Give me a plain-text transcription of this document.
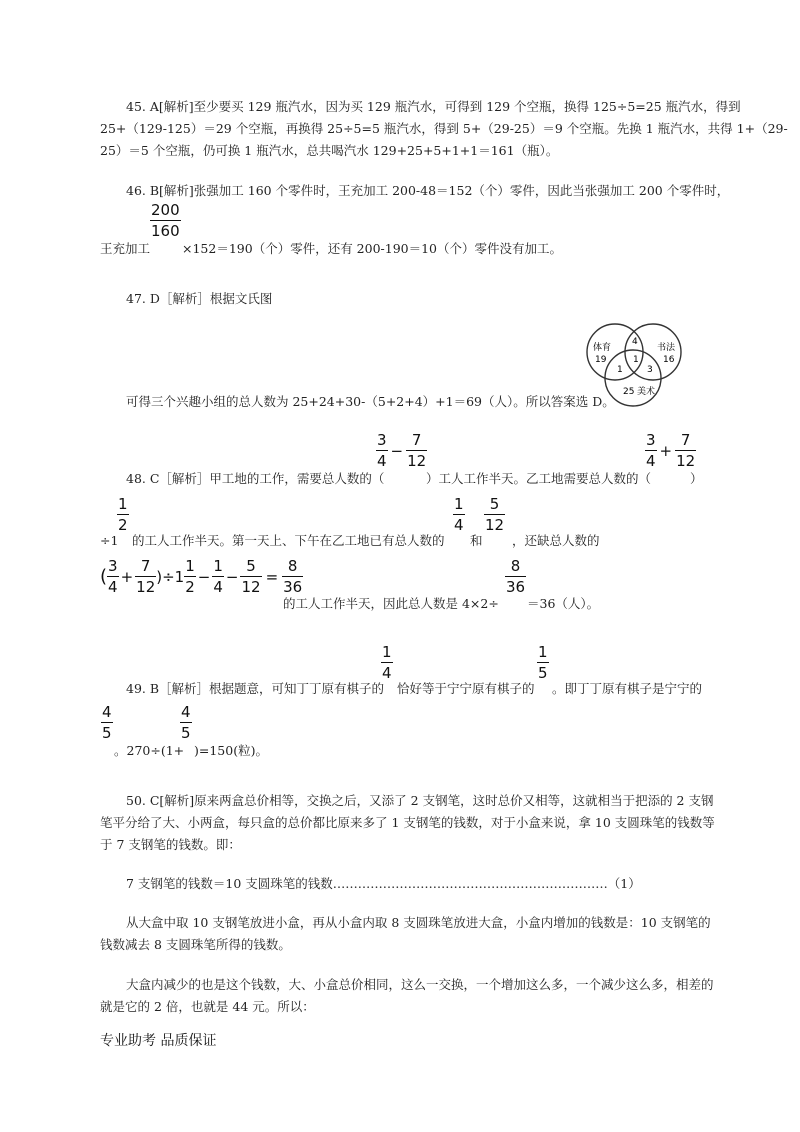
45. A[解析]至少要买 129 瓶汽水，因为买 129 瓶汽水，可得到 129 个空瓶，换得 125÷5=25 瓶汽水，得到
25+（129-125）＝29 个空瓶，再换得 25÷5=5 瓶汽水，得到 5+（29-25）＝9 个空瓶。先换 1 瓶汽水，共得 1+（29-
25）＝5 个空瓶，仍可换 1 瓶汽水，总共喝汽水 129+25+5+1+1＝161（瓶）。
46. B[解析]张强加工 160 个零件时，王充加工 200-48＝152（个）零件，因此当张强加工 200 个零件时，
200
160
王充加工	×152＝190（个）零件，还有 200-190＝10（个）零件没有加工。
47. D［解析］根据文氏图
体育
19
书法
16
4
1
1	3
25 美术
可得三个兴趣小组的总人数为 25+24+30-（5+2+4）+1＝69（人）。所以答案选 D。
$\frac{3}{4} - \frac{7}{12}$	$\frac{3}{4} + \frac{7}{12}$
48. C［解析］甲工地的工作，需要总人数的（	）工人工作半天。乙工地需要总人数的（	）
1
2
1
4
5
12
÷1 的工人工作半天。第一天上、下午在乙工地已有总人数的 和 ，还缺总人数的
( $\frac{3}{4} + \frac{7}{12} )\div 1 \frac{1}{2} - \frac{1}{4} - \frac{5}{12} = \frac{8}{36}$	8
36
的工人工作半天，因此总人数是 4×2÷ ＝36（人）。
1
4
1
5
49. B［解析］根据题意，可知丁丁原有棋子的 恰好等于宁宁原有棋子的 。即丁丁原有棋子是宁宁的
4
5
4
5
。270÷(1+ )=150(粒)。
50. C[解析]原来两盒总价相等，交换之后，又添了 2 支钢笔，这时总价又相等，这就相当于把添的 2 支钢
笔平分给了大、小两盒，每只盒的总价都比原来多了 1 支钢笔的钱数，对于小盒来说，拿 10 支圆珠笔的钱数等
于 7 支钢笔的钱数。即：
7 支钢笔的钱数＝10 支圆珠笔的钱数…………………………………………………………（1）
从大盒中取 10 支钢笔放进小盒，再从小盒内取 8 支圆珠笔放进大盒，小盒内增加的钱数是：10 支钢笔的
钱数减去 8 支圆珠笔所得的钱数。
大盒内减少的也是这个钱数，大、小盒总价相同，这么一交换，一个增加这么多，一个减少这么多，相差的
就是它的 2 倍，也就是 44 元。所以：
专业助考 品质保证
